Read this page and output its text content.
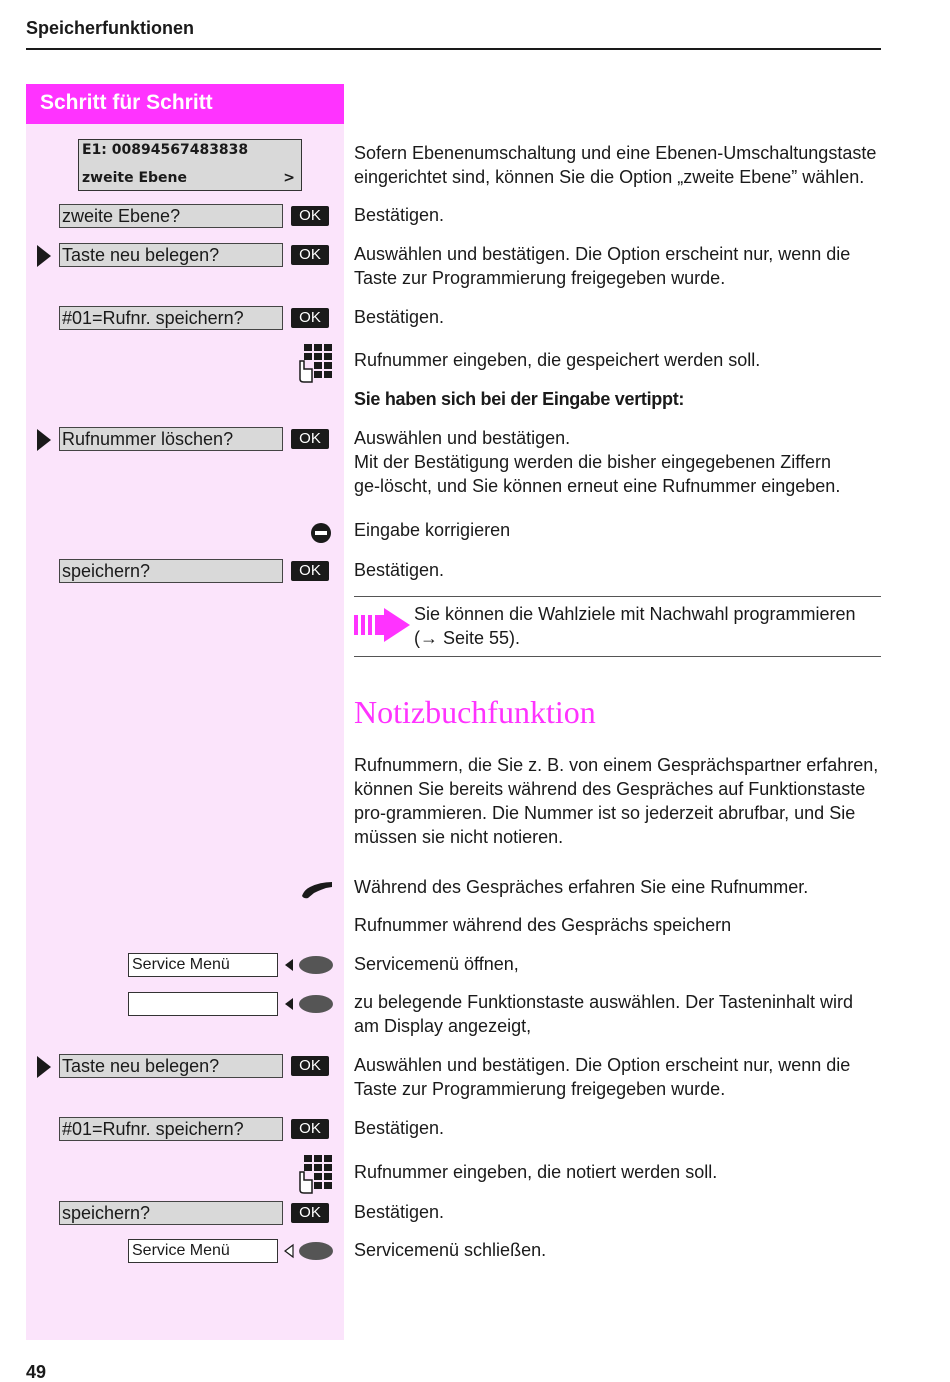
Speicherfunktionen
Schritt für Schritt
E1: 00894567483838
zweite Ebene	>
Sofern Ebenenumschaltung und eine Ebenen-Umschaltungstaste eingerichtet sind, können Sie die Option „zweite Ebene” wählen.
zweite Ebene?	OK	Bestätigen.
Taste neu belegen?	OK	Auswählen und bestätigen. Die Option erscheint nur, wenn die Taste zur Programmierung freigegeben wurde.
#01=Rufnr. speichern?	OK	Bestätigen.
Rufnummer eingeben, die gespeichert werden soll.
Sie haben sich bei der Eingabe vertippt:
Rufnummer löschen?	OK	Auswählen und bestätigen.
Mit der Bestätigung werden die bisher eingegebenen Ziffern ge-löscht, und Sie können erneut eine Rufnummer eingeben.
Eingabe korrigieren
speichern?	OK	Bestätigen.
Sie können die Wahlziele mit Nachwahl programmieren
(→ Seite 55).
Notizbuchfunktion
Rufnummern, die Sie z. B. von einem Gesprächspartner erfahren, können Sie bereits während des Gespräches auf Funktionstaste pro-grammieren. Die Nummer ist so jederzeit abrufbar, und Sie müssen sie nicht notieren.
Während des Gespräches erfahren Sie eine Rufnummer.
Rufnummer während des Gesprächs speichern
Service Menü	Servicemenü öffnen,
zu belegende Funktionstaste auswählen. Der Tasteninhalt wird am Display angezeigt,
Taste neu belegen?	OK	Auswählen und bestätigen. Die Option erscheint nur, wenn die Taste zur Programmierung freigegeben wurde.
#01=Rufnr. speichern?	OK	Bestätigen.
Rufnummer eingeben, die notiert werden soll.
speichern?	OK	Bestätigen.
Service Menü	Servicemenü schließen.
49
